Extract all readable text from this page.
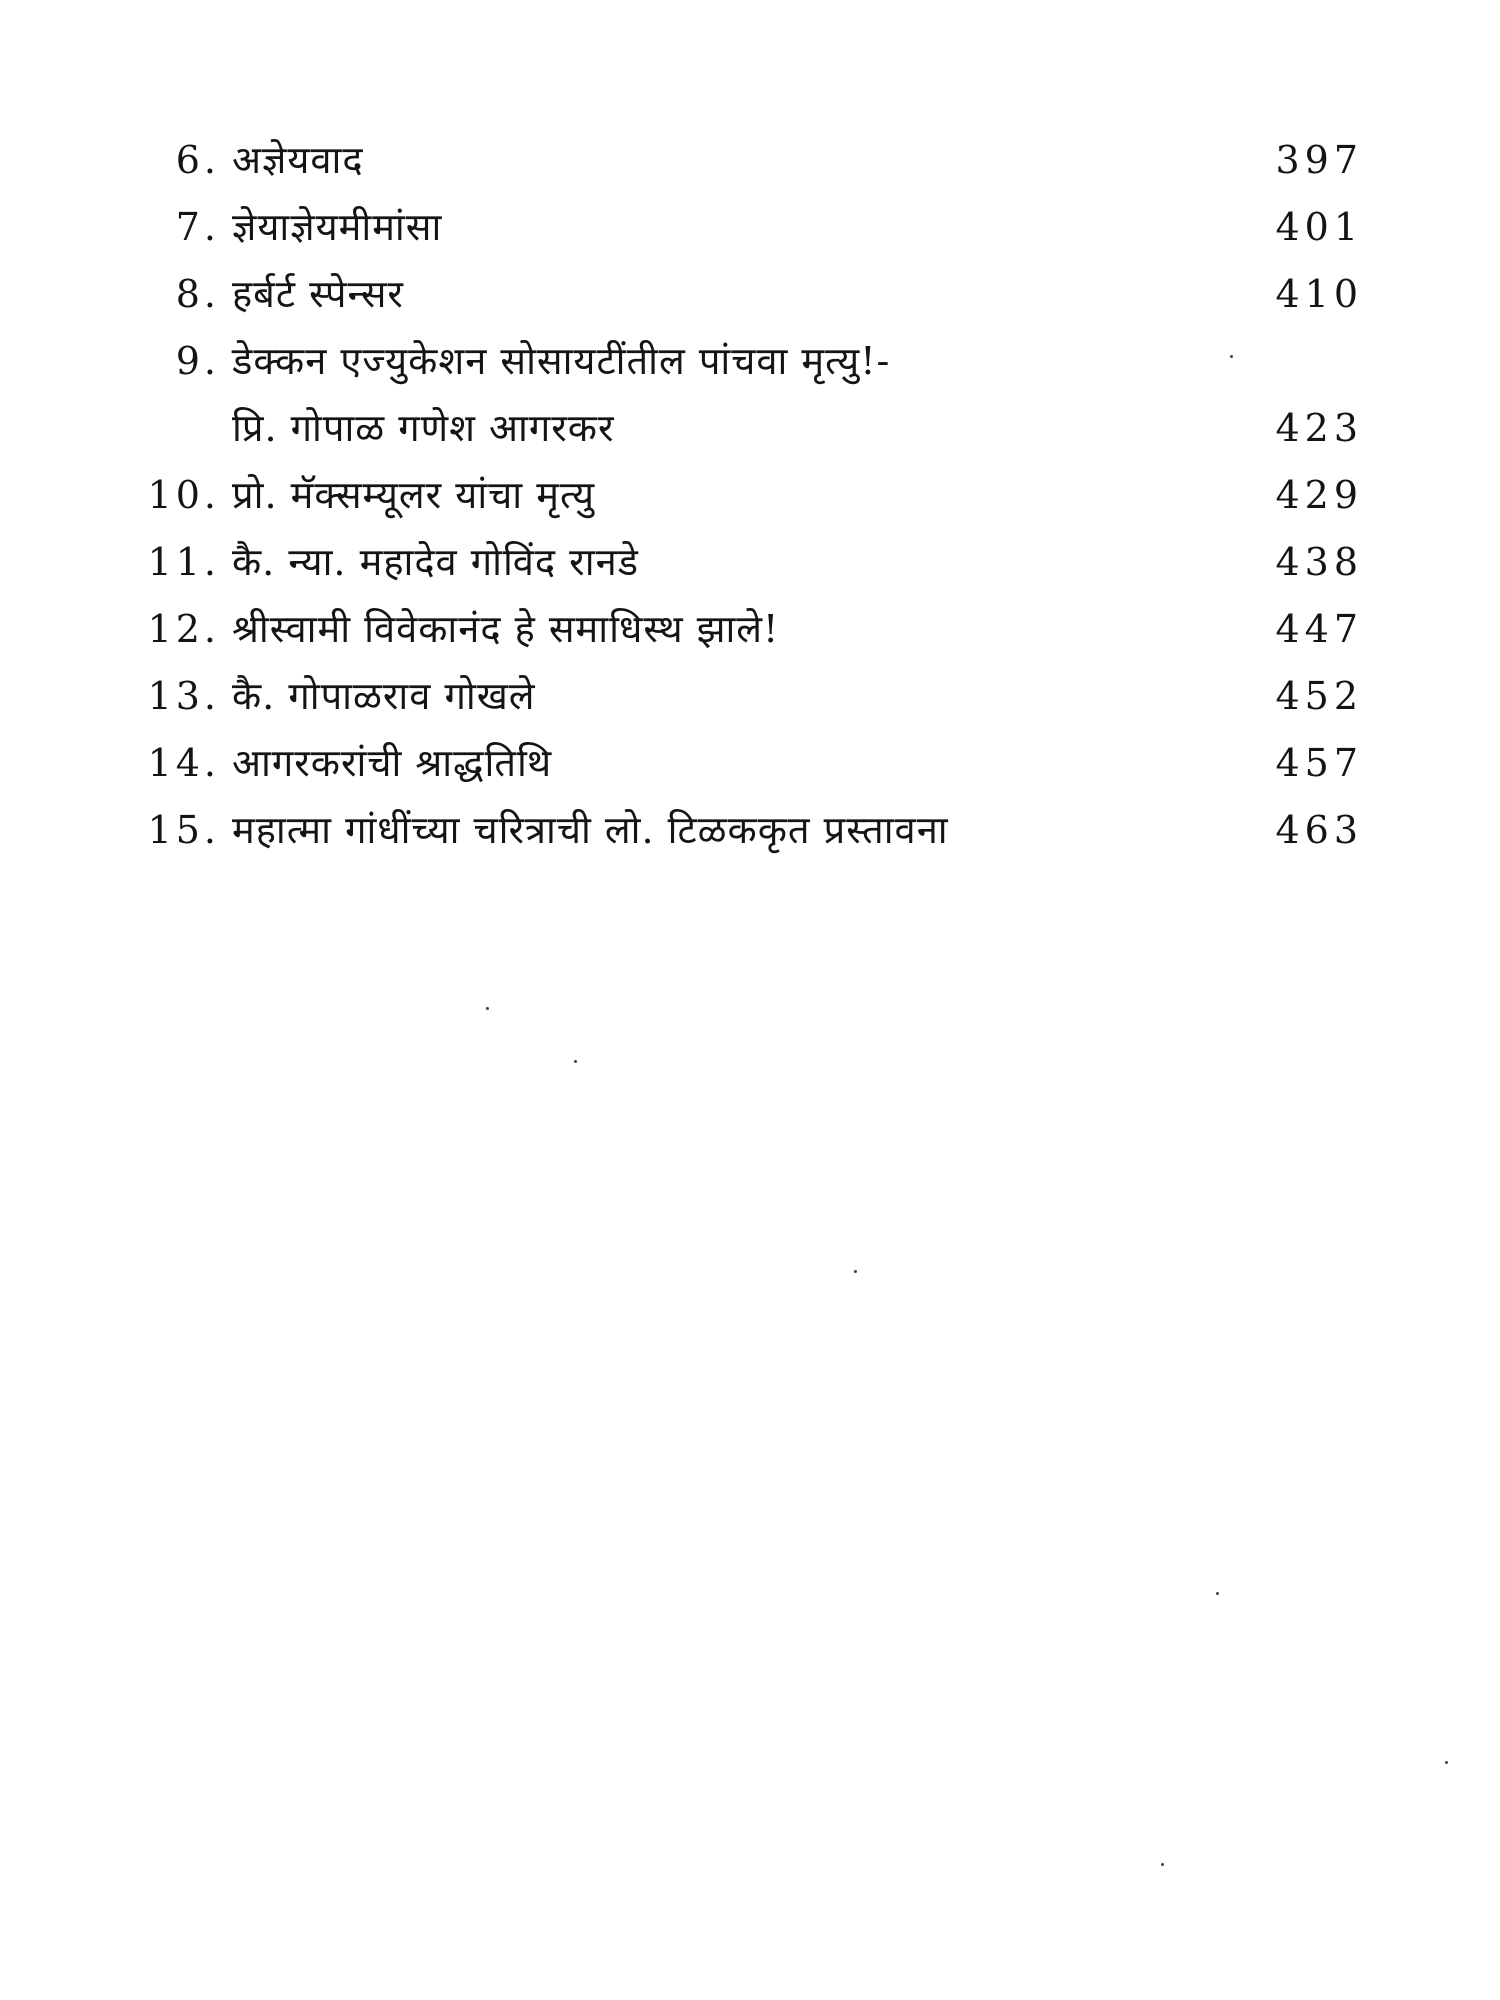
6. अज्ञेयवाद	397
7. ज्ञेयाज्ञेयमीमांसा	401
8. हर्बर्ट स्पेन्सर	410
9. डेक्कन एज्युकेशन सोसायटींतील पांचवा मृत्यु!-
प्रि. गोपाळ गणेश आगरकर	423
10. प्रो. मॅक्सम्यूलर यांचा मृत्यु	429
11. कै. न्या. महादेव गोविंद रानडे	438
12. श्रीस्वामी विवेकानंद हे समाधिस्थ झाले!	447
13. कै. गोपाळराव गोखले	452
14. आगरकरांची श्राद्धतिथि	457
15. महात्मा गांधींच्या चरित्राची लो. टिळककृत प्रस्तावना	463
